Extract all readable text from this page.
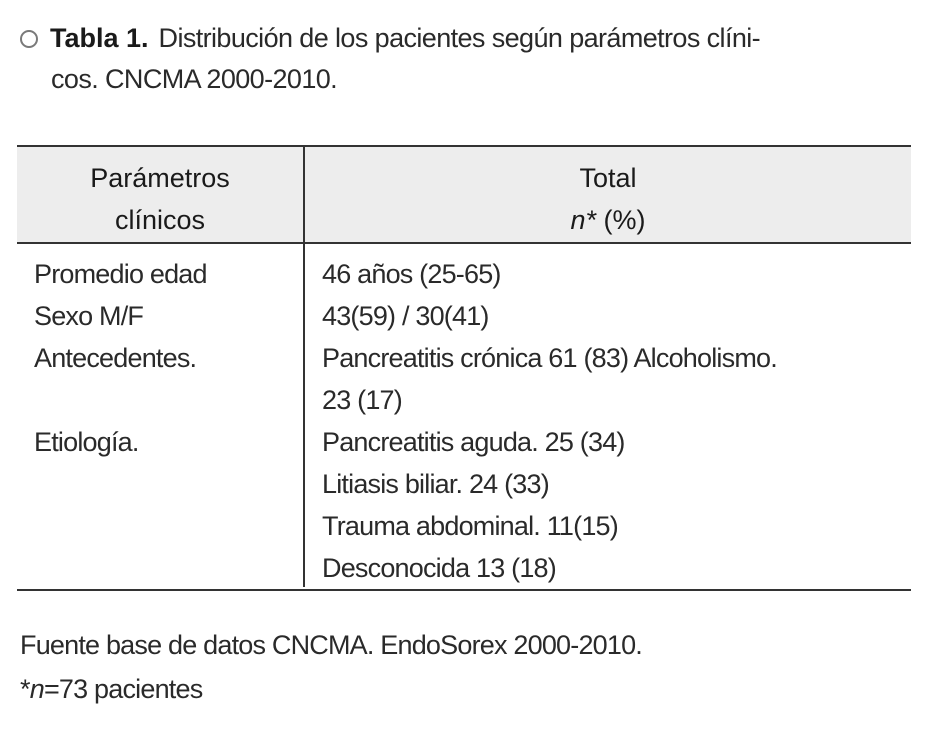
Tabla 1. Distribución de los pacientes según parámetros clíni-
cos. CNCMA 2000-2010.
Parámetros
clínicos
Total
n* (%)
Promedio edad
Sexo M/F
Antecedentes.
Etiología.
46 años (25-65)
43(59) / 30(41)
Pancreatitis crónica 61 (83) Alcoholismo.
23 (17)
Pancreatitis aguda. 25 (34)
Litiasis biliar. 24 (33)
Trauma abdominal. 11(15)
Desconocida 13 (18)
Fuente base de datos CNCMA. EndoSorex 2000-2010.
*n=73 pacientes
